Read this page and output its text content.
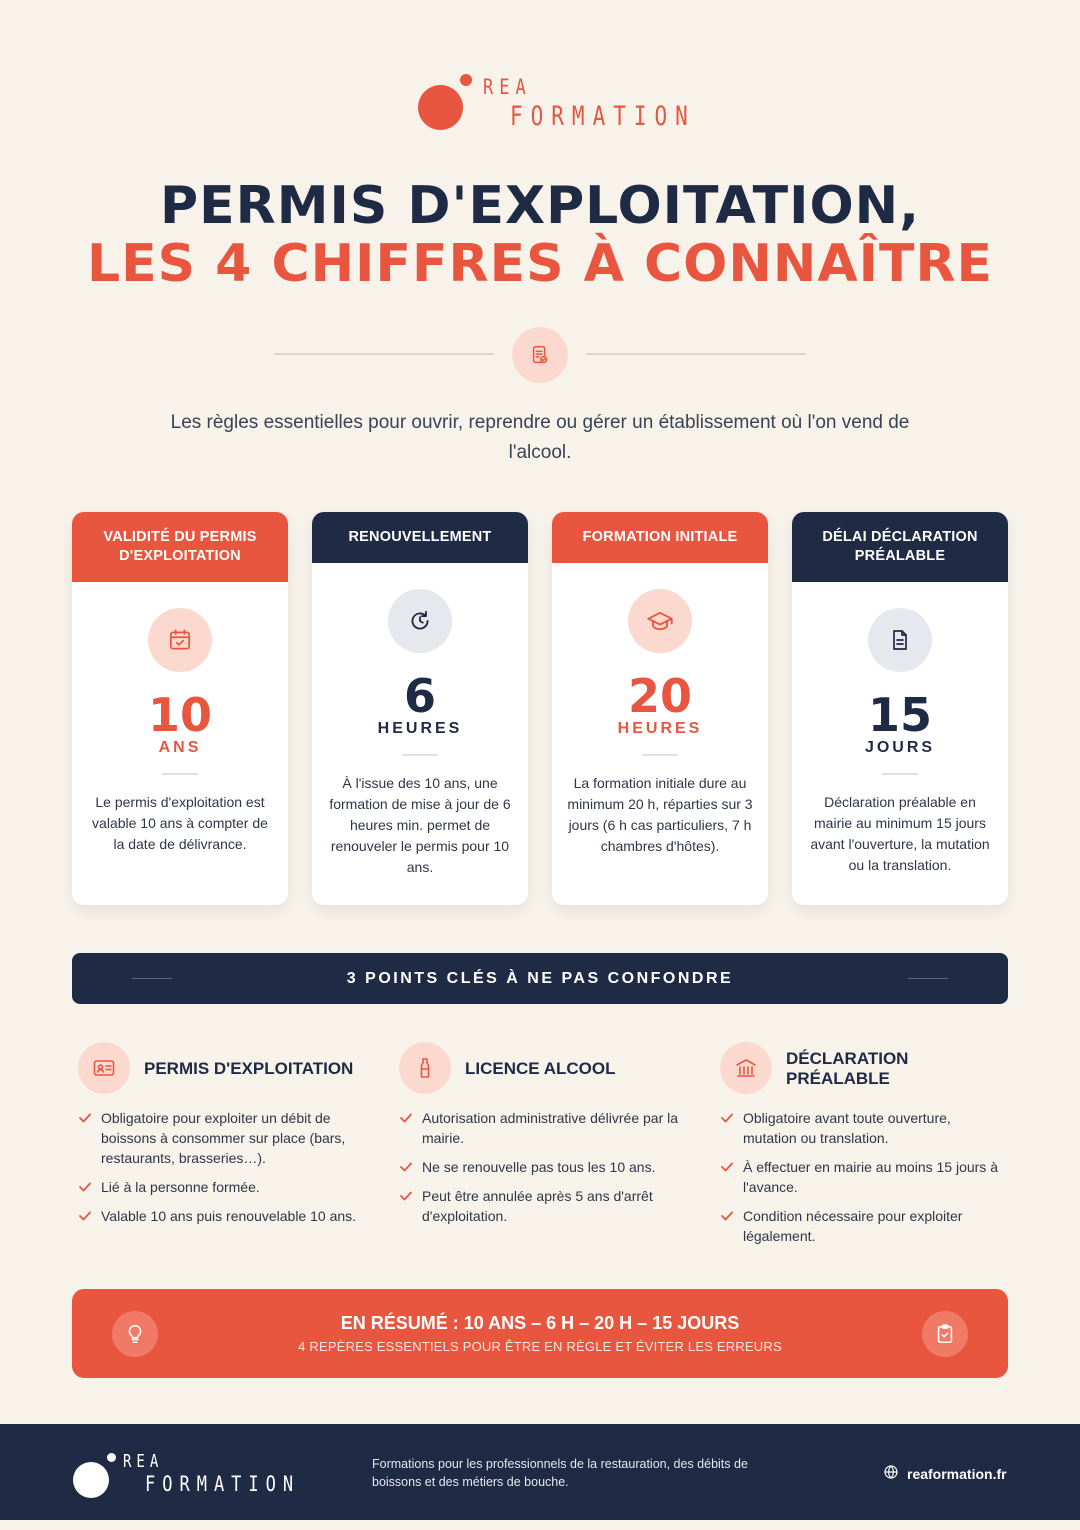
REA
FORMATION
PERMIS D'EXPLOITATION,
LES 4 CHIFFRES À CONNAÎTRE

Les règles essentielles pour ouvrir, reprendre ou gérer un établissement où l'on vend de l'alcool.

VALIDITÉ DU PERMIS D'EXPLOITATION
10
ANS
Le permis d'exploitation est valable 10 ans à compter de la date de délivrance.
RENOUVELLEMENT
6
HEURES
À l'issue des 10 ans, une formation de mise à jour de 6 heures min. permet de renouveler le permis pour 10 ans.
FORMATION INITIALE
20
HEURES
La formation initiale dure au minimum 20 h, réparties sur 3 jours (6 h cas particuliers, 7 h chambres d'hôtes).
DÉLAI DÉCLARATION PRÉALABLE
15
JOURS
Déclaration préalable en mairie au minimum 15 jours avant l'ouverture, la mutation ou la translation.
3 POINTS CLÉS À NE PAS CONFONDRE
PERMIS D'EXPLOITATION
Obligatoire pour exploiter un débit de boissons à consommer sur place (bars, restaurants, brasseries…).
Lié à la personne formée.
Valable 10 ans puis renouvelable 10 ans.
LICENCE ALCOOL
Autorisation administrative délivrée par la mairie.
Ne se renouvelle pas tous les 10 ans.
Peut être annulée après 5 ans d'arrêt d'exploitation.
DÉCLARATION PRÉALABLE
Obligatoire avant toute ouverture, mutation ou translation.
À effectuer en mairie au moins 15 jours à l'avance.
Condition nécessaire pour exploiter légalement.
EN RÉSUMÉ : 10 ANS – 6 H – 20 H – 15 JOURS
4 REPÈRES ESSENTIELS POUR ÊTRE EN RÈGLE ET ÉVITER LES ERREURS
REA
FORMATION
Formations pour les professionnels de la restauration, des débits de boissons et des métiers de bouche.
reaformation.fr
